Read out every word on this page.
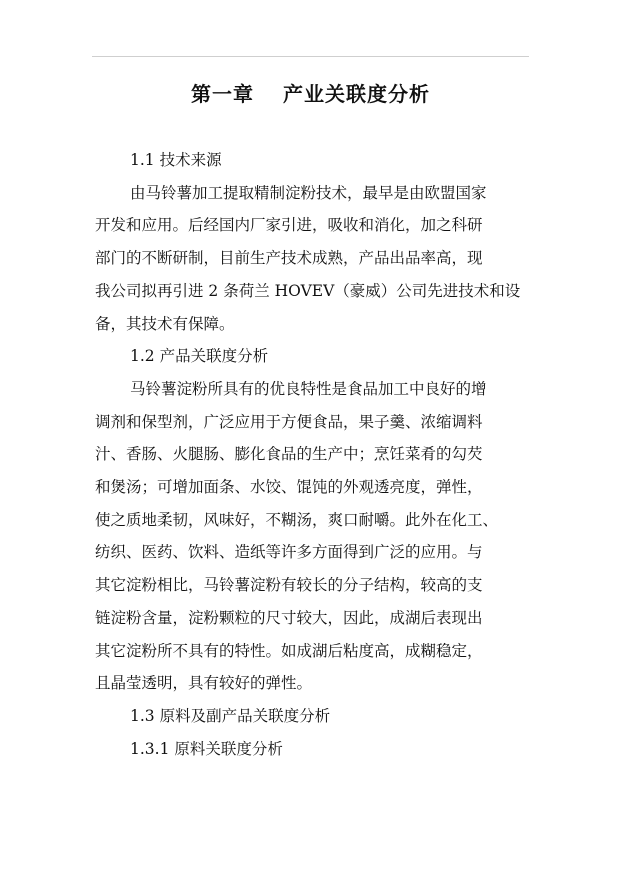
第一章　 产业关联度分析
1.1 技术来源

由马铃薯加工提取精制淀粉技术，最早是由欧盟国家
开发和应用。后经国内厂家引进，吸收和消化，加之科研
部门的不断研制，目前生产技术成熟，产品出品率高，现
我公司拟再引进 2 条荷兰 HOVEV（豪威）公司先进技术和设
备，其技术有保障。

1.2 产品关联度分析

马铃薯淀粉所具有的优良特性是食品加工中良好的增
调剂和保型剂，广泛应用于方便食品，果子羹、浓缩调料
汁、香肠、火腿肠、膨化食品的生产中；烹饪菜肴的勾芡
和煲汤；可增加面条、水饺、馄饨的外观透亮度，弹性，
使之质地柔韧，风味好，不糊汤，爽口耐嚼。此外在化工、
纺织、医药、饮料、造纸等许多方面得到广泛的应用。与
其它淀粉相比，马铃薯淀粉有较长的分子结构，较高的支
链淀粉含量，淀粉颗粒的尺寸较大，因此，成湖后表现出
其它淀粉所不具有的特性。如成湖后粘度高，成糊稳定，
且晶莹透明，具有较好的弹性。

1.3 原料及副产品关联度分析
1.3.1 原料关联度分析
